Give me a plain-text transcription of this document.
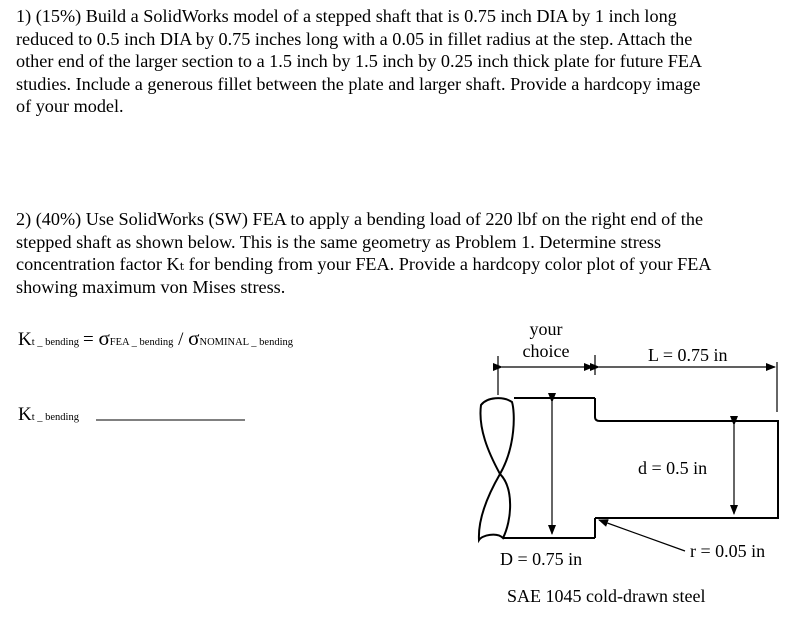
1) (15%) Build a SolidWorks model of a stepped shaft that is 0.75 inch DIA by 1 inch long
reduced to 0.5 inch DIA by 0.75 inches long with a 0.05 in fillet radius at the step. Attach the
other end of the larger section to a 1.5 inch by 1.5 inch by 0.25 inch thick plate for future FEA
studies. Include a generous fillet between the plate and larger shaft. Provide a hardcopy image
of your model.
2) (40%) Use SolidWorks (SW) FEA to apply a bending load of 220 lbf on the right end of the
stepped shaft as shown below. This is the same geometry as Problem 1. Determine stress
concentration factor Kₜ for bending from your FEA. Provide a hardcopy color plot of your FEA
showing maximum von Mises stress.
Kt _ bending = σFEA _ bending / σNOMINAL _ bending
Kt _ bending
your
choice	L = 0.75 in
d = 0.5 in
r = 0.05 in
D = 0.75 in
SAE 1045 cold-drawn steel
